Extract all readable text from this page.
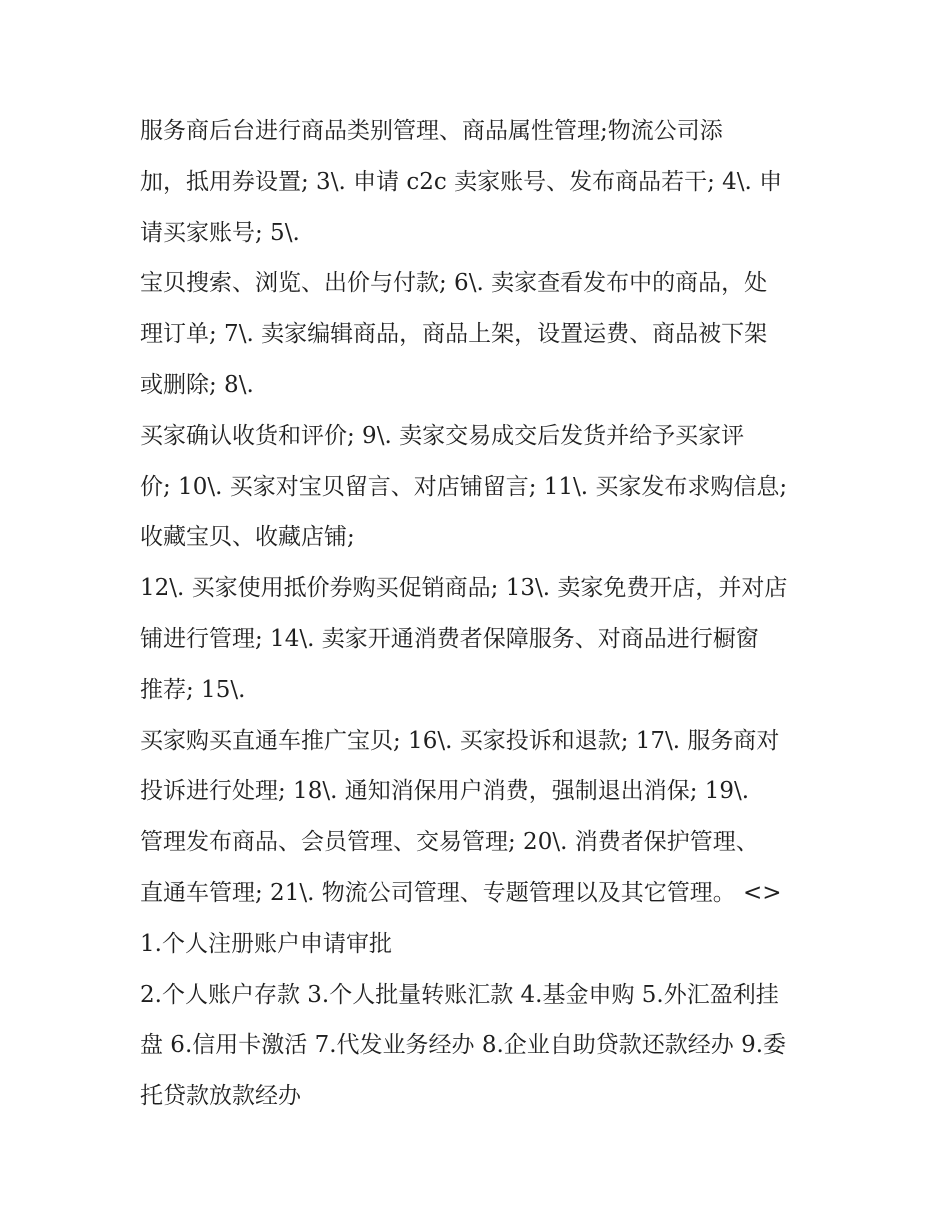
服务商后台进行商品类别管理、商品属性管理;物流公司添
加，抵用券设置; 3\. 申请 c2c 卖家账号、发布商品若干; 4\. 申
请买家账号; 5\.
宝贝搜索、浏览、出价与付款; 6\. 卖家查看发布中的商品，处
理订单; 7\. 卖家编辑商品，商品上架，设置运费、商品被下架
或删除; 8\.
买家确认收货和评价; 9\. 卖家交易成交后发货并给予买家评
价; 10\. 买家对宝贝留言、对店铺留言; 11\. 买家发布求购信息;
收藏宝贝、收藏店铺;
12\. 买家使用抵价券购买促销商品; 13\. 卖家免费开店，并对店
铺进行管理; 14\. 卖家开通消费者保障服务、对商品进行橱窗
推荐; 15\.
买家购买直通车推广宝贝; 16\. 买家投诉和退款; 17\. 服务商对
投诉进行处理; 18\. 通知消保用户消费，强制退出消保; 19\.
管理发布商品、会员管理、交易管理; 20\. 消费者保护管理、
直通车管理; 21\. 物流公司管理、专题管理以及其它管理。 <>
1.个人注册账户申请审批
2.个人账户存款 3.个人批量转账汇款 4.基金申购 5.外汇盈利挂
盘 6.信用卡激活 7.代发业务经办 8.企业自助贷款还款经办 9.委
托贷款放款经办
